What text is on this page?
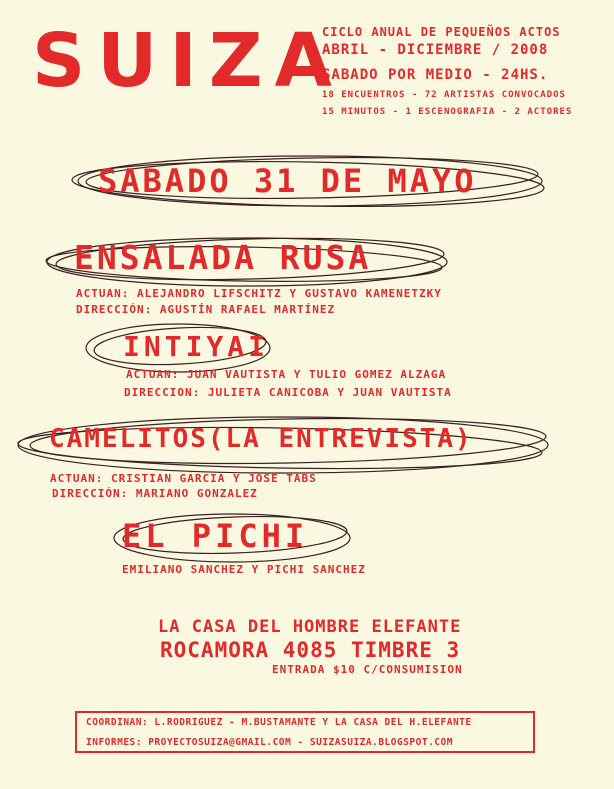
SUIZA
CICLO ANUAL DE PEQUEÑOS ACTOS
ABRIL - DICIEMBRE / 2008
SABADO POR MEDIO - 24HS.
18 ENCUENTROS - 72 ARTISTAS CONVOCADOS
15 MINUTOS - 1 ESCENOGRAFIA - 2 ACTORES
SABADO 31 DE MAYO
ENSALADA RUSA
ACTUAN: ALEJANDRO LIFSCHITZ Y GUSTAVO KAMENETZKY
DIRECCIÓN: AGUSTÍN RAFAEL MARTÍNEZ
INTIYAI
ACTUAN: JUAN VAUTISTA Y TULIO GOMEZ ALZAGA
DIRECCION: JULIETA CANICOBA Y JUAN VAUTISTA
CAMELITOS(LA ENTREVISTA)
ACTUAN: CRISTIAN GARCIA Y JOSE TABS
DIRECCIÓN: MARIANO GONZALEZ
EL PICHI
EMILIANO SANCHEZ Y PICHI SANCHEZ
LA CASA DEL HOMBRE ELEFANTE
ROCAMORA 4085 TIMBRE 3
ENTRADA $10 C/CONSUMISION
COORDINAN: L.RODRIGUEZ - M.BUSTAMANTE Y LA CASA DEL H.ELEFANTE
INFORMES: PROYECTOSUIZA@GMAIL.COM - SUIZASUIZA.BLOGSPOT.COM
